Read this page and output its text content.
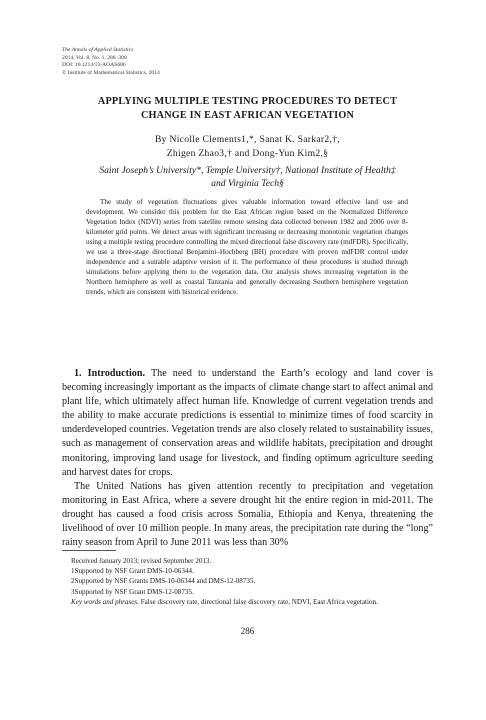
The Annals of Applied Statistics
2014, Vol. 8, No. 1, 286–308
DOI: 10.1214/13-AOAS686
© Institute of Mathematical Statistics, 2014
APPLYING MULTIPLE TESTING PROCEDURES TO DETECT
CHANGE IN EAST AFRICAN VEGETATION
By Nicolle Clements1,*, Sanat K. Sarkar2,†,
Zhigen Zhao3,† and Dong-Yun Kim2,§
Saint Joseph’s University*, Temple University†, National Institute of Health‡
and Virginia Tech§

The study of vegetation fluctuations gives valuable information toward effective land use and development. We consider this problem for the East African region based on the Normalized Difference Vegetation Index (NDVI) series from satellite remote sensing data collected between 1982 and 2006 over 8-kilometer grid points. We detect areas with significant increasing or decreasing monotonic vegetation changes using a multiple testing procedure controlling the mixed directional false discovery rate (mdFDR). Specifically, we use a three-stage directional Benjamini–Hochberg (BH) procedure with proven mdFDR control under independence and a suitable adaptive version of it. The performance of these procedures is studied through simulations before applying them to the vegetation data. Our analysis shows increasing vegetation in the Northern hemisphere as well as coastal Tanzania and generally decreasing Southern hemisphere vegetation trends, which are consistent with historical evidence.

1. Introduction. The need to understand the Earth’s ecology and land cover is becoming increasingly important as the impacts of climate change start to affect animal and plant life, which ultimately affect human life. Knowledge of current vegetation trends and the ability to make accurate predictions is essential to minimize times of food scarcity in underdeveloped countries. Vegetation trends are also closely related to sustainability issues, such as management of conservation areas and wildlife habitats, precipitation and drought monitoring, improving land usage for livestock, and finding optimum agriculture seeding and harvest dates for crops.

The United Nations has given attention recently to precipitation and vegetation monitoring in East Africa, where a severe drought hit the entire region in mid-2011. The drought has caused a food crisis across Somalia, Ethiopia and Kenya, threatening the livelihood of over 10 million people. In many areas, the precipitation rate during the “long” rainy season from April to June 2011 was less than 30%

Received January 2013; revised September 2013.
1Supported by NSF Grant DMS-10-06344.
2Supported by NSF Grants DMS-10-06344 and DMS-12-08735.
3Supported by NSF Grant DMS-12-08735.
Key words and phrases. False discovery rate, directional false discovery rate, NDVI, East Africa vegetation.
286
